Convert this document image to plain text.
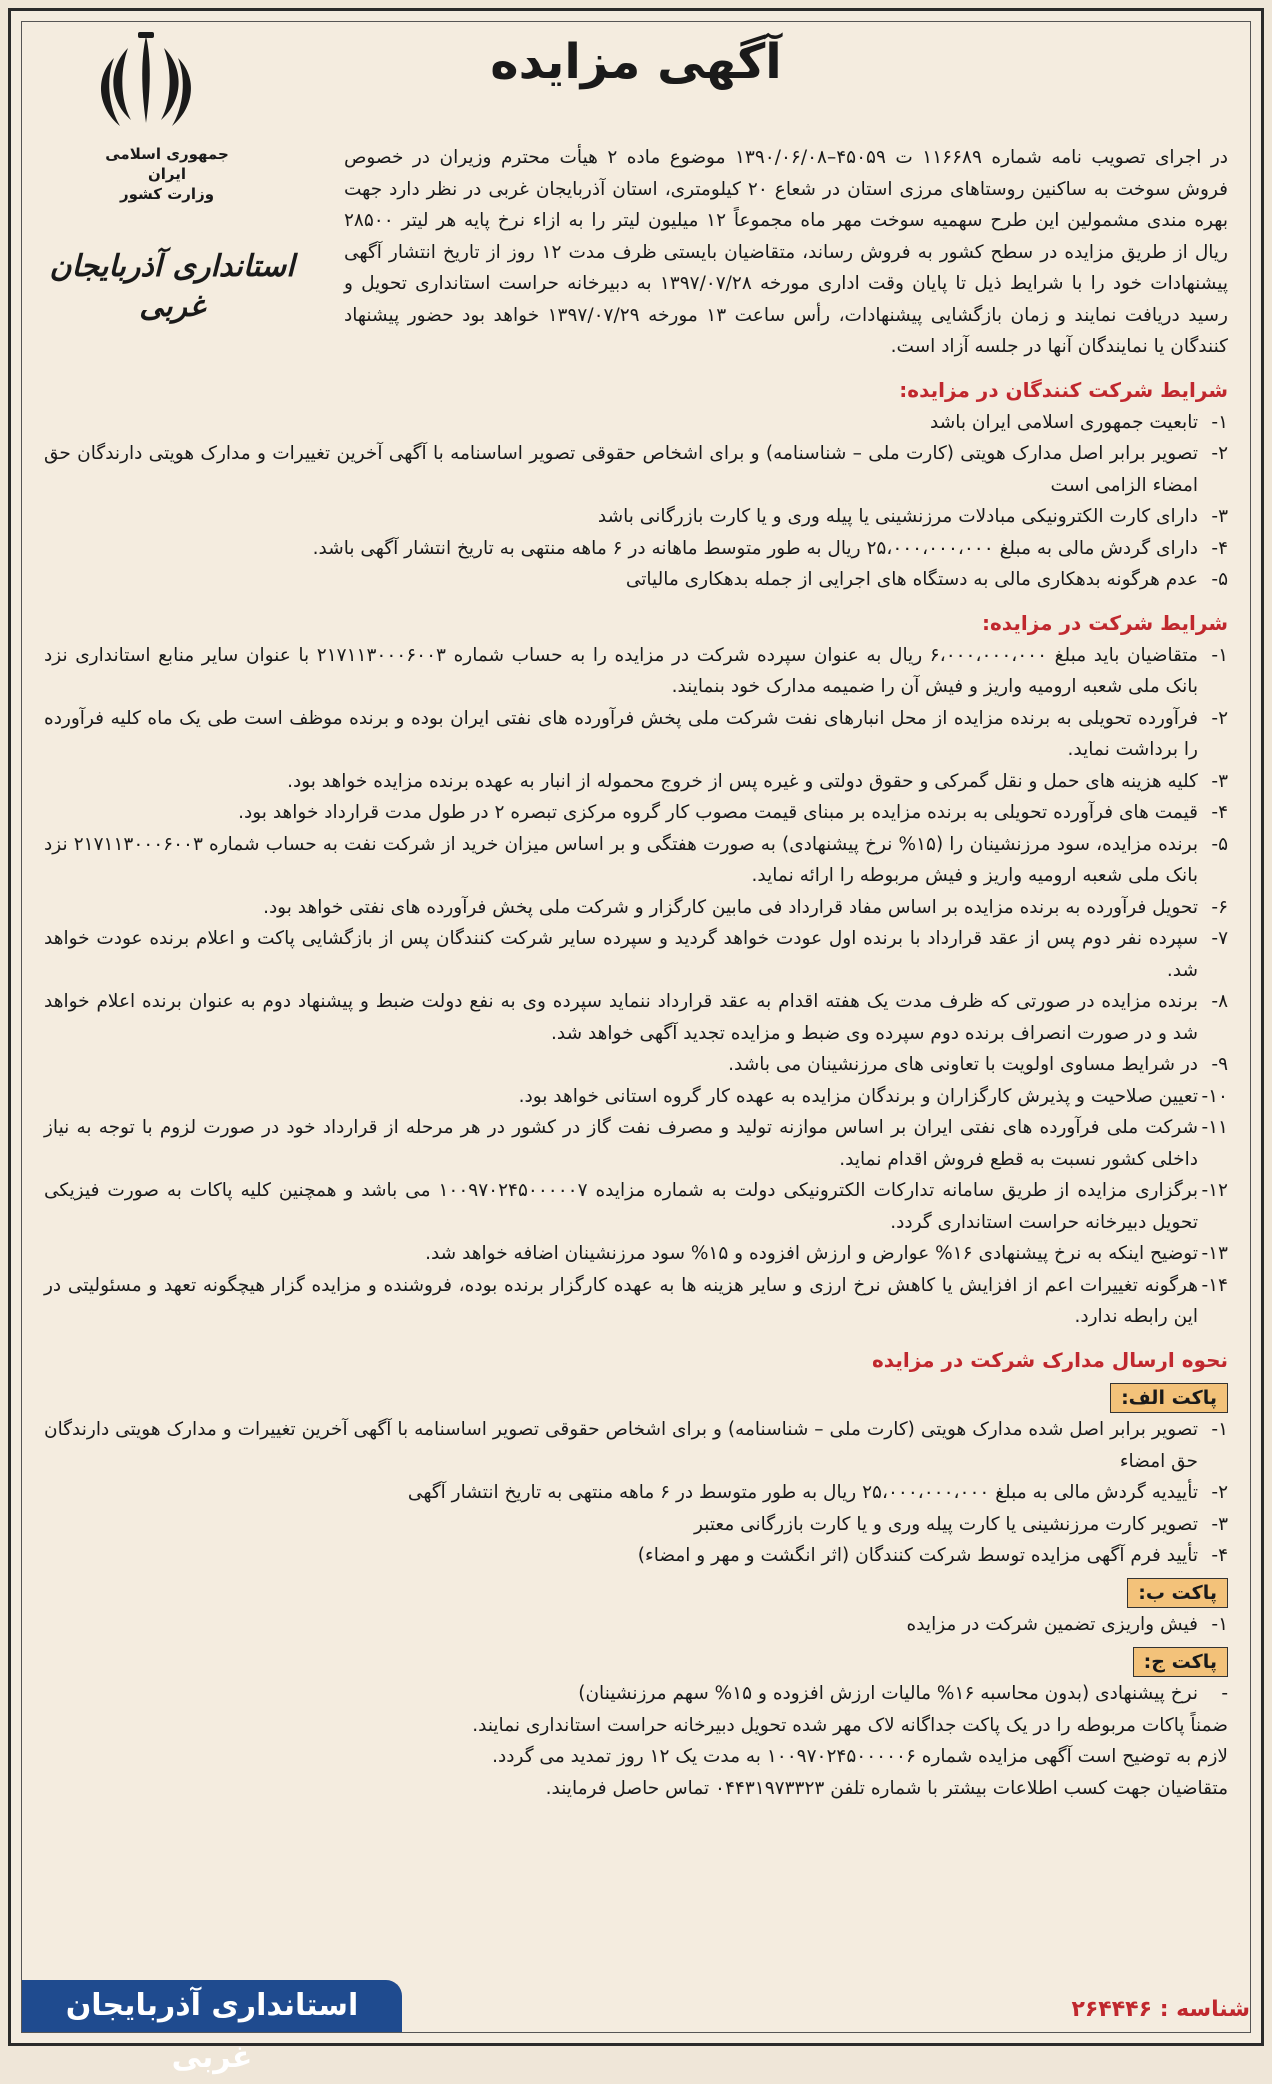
جمهوری اسلامی ایران
وزارت کشور
استانداری آذربایجان غربی
آگهی مزایده

در اجرای تصویب نامه شماره ۱۱۶۶۸۹ ت ۴۵۰۵۹–۱۳۹۰/۰۶/۰۸ موضوع ماده ۲ هیأت محترم وزیران در خصوص فروش سوخت به ساکنین روستاهای مرزی استان در شعاع ۲۰ کیلومتری، استان آذربایجان غربی در نظر دارد جهت بهره مندی مشمولین این طرح سهمیه سوخت مهر ماه مجموعاً ۱۲ میلیون لیتر را به ازاء نرخ پایه هر لیتر ۲۸۵۰۰ ریال از طریق مزایده در سطح کشور به فروش رساند، متقاضیان بایستی ظرف مدت ۱۲ روز از تاریخ انتشار آگهی پیشنهادات خود را با شرایط ذیل تا پایان وقت اداری مورخه ۱۳۹۷/۰۷/۲۸ به دبیرخانه حراست استانداری تحویل و رسید دریافت نمایند و زمان بازگشایی پیشنهادات، رأس ساعت ۱۳ مورخه ۱۳۹۷/۰۷/۲۹ خواهد بود حضور پیشنهاد کنندگان یا نمایندگان آنها در جلسه آزاد است.

شرایط شرکت کنندگان در مزایده:
۱-
تابعیت جمهوری اسلامی ایران باشد
۲-
تصویر برابر اصل مدارک هویتی (کارت ملی – شناسنامه) و برای اشخاص حقوقی تصویر اساسنامه با آگهی آخرین تغییرات و مدارک هویتی دارندگان حق امضاء الزامی است
۳-
دارای کارت الکترونیکی مبادلات مرزنشینی یا پیله وری و یا کارت بازرگانی باشد
۴-
دارای گردش مالی به مبلغ ۲۵،۰۰۰،۰۰۰،۰۰۰ ریال به طور متوسط ماهانه در ۶ ماهه منتهی به تاریخ انتشار آگهی باشد.
۵-
عدم هرگونه بدهکاری مالی به دستگاه های اجرایی از جمله بدهکاری مالیاتی
شرایط شرکت در مزایده:
۱-
متقاضیان باید مبلغ ۶،۰۰۰،۰۰۰،۰۰۰ ریال به عنوان سپرده شرکت در مزایده را به حساب شماره ۲۱۷۱۱۳۰۰۰۶۰۰۳ با عنوان سایر منابع استانداری نزد بانک ملی شعبه ارومیه واریز و فیش آن را ضمیمه مدارک خود بنمایند.
۲-
فرآورده تحویلی به برنده مزایده از محل انبارهای نفت شرکت ملی پخش فرآورده های نفتی ایران بوده و برنده موظف است طی یک ماه کلیه فرآورده را برداشت نماید.
۳-
کلیه هزینه های حمل و نقل گمرکی و حقوق دولتی و غیره پس از خروج محموله از انبار به عهده برنده مزایده خواهد بود.
۴-
قیمت های فرآورده تحویلی به برنده مزایده بر مبنای قیمت مصوب کار گروه مرکزی تبصره ۲ در طول مدت قرارداد خواهد بود.
۵-
برنده مزایده، سود مرزنشینان را (۱۵% نرخ پیشنهادی) به صورت هفتگی و بر اساس میزان خرید از شرکت نفت به حساب شماره ۲۱۷۱۱۳۰۰۰۶۰۰۳ نزد بانک ملی شعبه ارومیه واریز و فیش مربوطه را ارائه نماید.
۶-
تحویل فرآورده به برنده مزایده بر اساس مفاد قرارداد فی مابین کارگزار و شرکت ملی پخش فرآورده های نفتی خواهد بود.
۷-
سپرده نفر دوم پس از عقد قرارداد با برنده اول عودت خواهد گردید و سپرده سایر شرکت کنندگان پس از بازگشایی پاکت و اعلام برنده عودت خواهد شد.
۸-
برنده مزایده در صورتی که ظرف مدت یک هفته اقدام به عقد قرارداد ننماید سپرده وی به نفع دولت ضبط و پیشنهاد دوم به عنوان برنده اعلام خواهد شد و در صورت انصراف برنده دوم سپرده وی ضبط و مزایده تجدید آگهی خواهد شد.
۹-
در شرایط مساوی اولویت با تعاونی های مرزنشینان می باشد.
۱۰-
تعیین صلاحیت و پذیرش کارگزاران و برندگان مزایده به عهده کار گروه استانی خواهد بود.
۱۱-
شرکت ملی فرآورده های نفتی ایران بر اساس موازنه تولید و مصرف نفت گاز در کشور در هر مرحله از قرارداد خود در صورت لزوم با توجه به نیاز داخلی کشور نسبت به قطع فروش اقدام نماید.
۱۲-
برگزاری مزایده از طریق سامانه تدارکات الکترونیکی دولت به شماره مزایده ۱۰۰۹۷۰۲۴۵۰۰۰۰۰۷ می باشد و همچنین کلیه پاکات به صورت فیزیکی تحویل دبیرخانه حراست استانداری گردد.
۱۳-
توضیح اینکه به نرخ پیشنهادی ۱۶% عوارض و ارزش افزوده و ۱۵% سود مرزنشینان اضافه خواهد شد.
۱۴-
هرگونه تغییرات اعم از افزایش یا کاهش نرخ ارزی و سایر هزینه ها به عهده کارگزار برنده بوده، فروشنده و مزایده گزار هیچگونه تعهد و مسئولیتی در این رابطه ندارد.
نحوه ارسال مدارک شرکت در مزایده
پاکت الف:
۱-
تصویر برابر اصل شده مدارک هویتی (کارت ملی – شناسنامه) و برای اشخاص حقوقی تصویر اساسنامه با آگهی آخرین تغییرات و مدارک هویتی دارندگان حق امضاء
۲-
تأییدیه گردش مالی به مبلغ ۲۵،۰۰۰،۰۰۰،۰۰۰ ریال به طور متوسط در ۶ ماهه منتهی به تاریخ انتشار آگهی
۳-
تصویر کارت مرزنشینی یا کارت پیله وری و یا کارت بازرگانی معتبر
۴-
تأیید فرم آگهی مزایده توسط شرکت کنندگان (اثر انگشت و مهر و امضاء)
پاکت ب:
۱-
فیش واریزی تضمین شرکت در مزایده
پاکت ج:
-
نرخ پیشنهادی (بدون محاسبه ۱۶% مالیات ارزش افزوده و ۱۵% سهم مرزنشینان)

ضمناً پاکات مربوطه را در یک پاکت جداگانه لاک مهر شده تحویل دبیرخانه حراست استانداری نمایند.

لازم به توضیح است آگهی مزایده شماره ۱۰۰۹۷۰۲۴۵۰۰۰۰۰۶ به مدت یک ۱۲ روز تمدید می گردد.

متقاضیان جهت کسب اطلاعات بیشتر با شماره تلفن ۰۴۴۳۱۹۷۳۳۲۳ تماس حاصل فرمایند.

استانداری آذربایجان غربی
شناسه : ۲۶۴۴۴۶
